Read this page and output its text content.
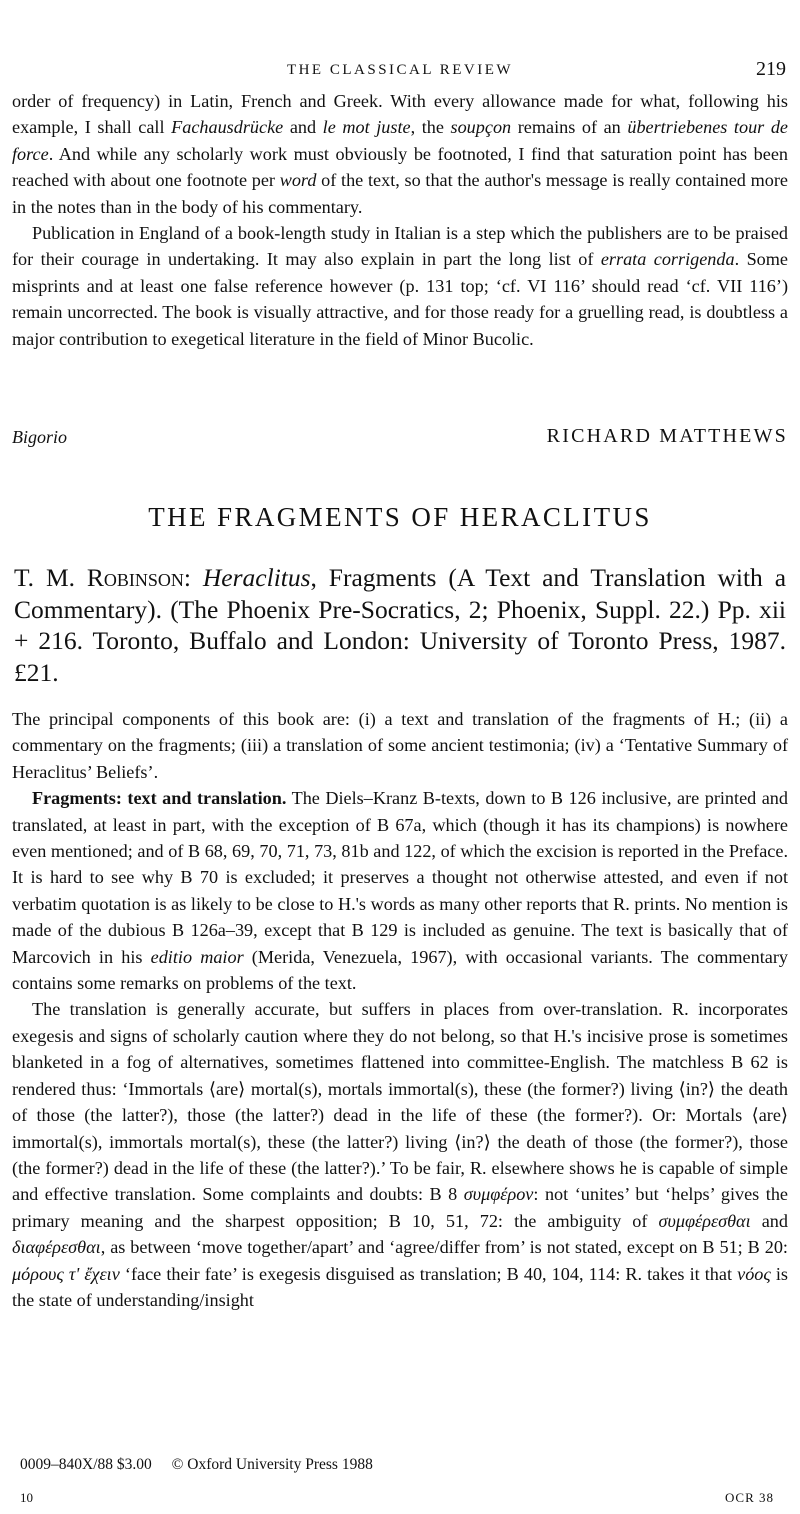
THE CLASSICAL REVIEW	219

order of frequency) in Latin, French and Greek. With every allowance made for what, following his example, I shall call Fachausdrücke and le mot juste, the soupçon remains of an übertriebenes tour de force. And while any scholarly work must obviously be footnoted, I find that saturation point has been reached with about one footnote per word of the text, so that the author's message is really contained more in the notes than in the body of his commentary.

Publication in England of a book-length study in Italian is a step which the publishers are to be praised for their courage in undertaking. It may also explain in part the long list of errata corrigenda. Some misprints and at least one false reference however (p. 131 top; ‘cf. VI 116’ should read ‘cf. VII 116’) remain uncorrected. The book is visually attractive, and for those ready for a gruelling read, is doubtless a major contribution to exegetical literature in the field of Minor Bucolic.

Bigorio	RICHARD MATTHEWS
THE FRAGMENTS OF HERACLITUS
T. M. Robinson: Heraclitus, Fragments (A Text and Translation with a Commentary). (The Phoenix Pre-Socratics, 2; Phoenix, Suppl. 22.) Pp. xii + 216. Toronto, Buffalo and London: University of Toronto Press, 1987. £21.

The principal components of this book are: (i) a text and translation of the fragments of H.; (ii) a commentary on the fragments; (iii) a translation of some ancient testimonia; (iv) a ‘Tentative Summary of Heraclitus’ Beliefs’.

Fragments: text and translation. The Diels–Kranz B-texts, down to B 126 inclusive, are printed and translated, at least in part, with the exception of B 67a, which (though it has its champions) is nowhere even mentioned; and of B 68, 69, 70, 71, 73, 81b and 122, of which the excision is reported in the Preface. It is hard to see why B 70 is excluded; it preserves a thought not otherwise attested, and even if not verbatim quotation is as likely to be close to H.'s words as many other reports that R. prints. No mention is made of the dubious B 126a–39, except that B 129 is included as genuine. The text is basically that of Marcovich in his editio maior (Merida, Venezuela, 1967), with occasional variants. The commentary contains some remarks on problems of the text.

The translation is generally accurate, but suffers in places from over-translation. R. incorporates exegesis and signs of scholarly caution where they do not belong, so that H.'s incisive prose is sometimes blanketed in a fog of alternatives, sometimes flattened into committee-English. The matchless B 62 is rendered thus: ‘Immortals ⟨are⟩ mortal(s), mortals immortal(s), these (the former?) living ⟨in?⟩ the death of those (the latter?), those (the latter?) dead in the life of these (the former?). Or: Mortals ⟨are⟩ immortal(s), immortals mortal(s), these (the latter?) living ⟨in?⟩ the death of those (the former?), those (the former?) dead in the life of these (the latter?).’ To be fair, R. elsewhere shows he is capable of simple and effective translation. Some complaints and doubts: B 8 συμφέρον: not ‘unites’ but ‘helps’ gives the primary meaning and the sharpest opposition; B 10, 51, 72: the ambiguity of συμφέρεσθαι and διαφέρεσθαι, as between ‘move together/apart’ and ‘agree/differ from’ is not stated, except on B 51; B 20: μόρους τ' ἔχειν ‘face their fate’ is exegesis disguised as translation; B 40, 104, 114: R. takes it that νόος is the state of understanding/insight

0009–840X/88 $3.00 © Oxford University Press 1988
10	OCR 38
